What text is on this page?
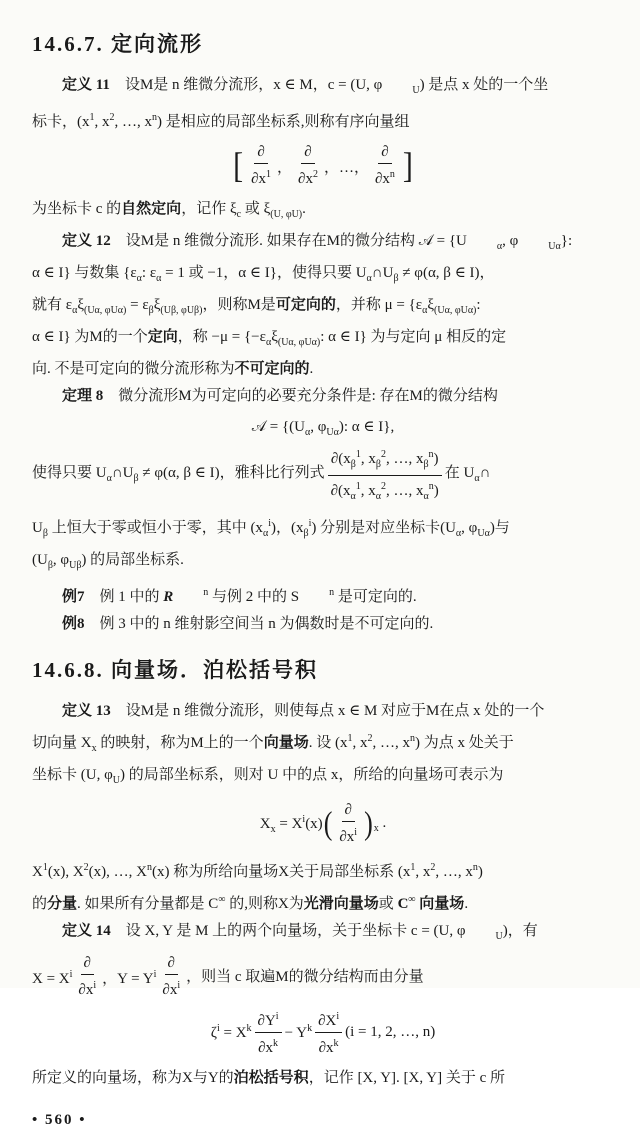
14.6.7. 定向流形
定义 11　设M是 n 维微分流形，x ∈ M，c = (U, φ	U) 是点 x 处的一个坐
标卡，(x1, x2, …, xn) 是相应的局部坐标系,则称有序向量组
[ $\frac{\partial}{\partial x1}$ ， $\frac{\partial}{\partial x2}$ ，…， $\frac{\partial}{\partial xn}$ ]
为坐标卡 c 的自然定向，记作 ξc 或 ξ(U, φU).
定义 12　设M是 n 维微分流形. 如果存在M的微分结构 𝒜 = {U	α, φ	Uα}:
α ∈ I} 与数集 {εα: εα = 1 或 −1，α ∈ I}，使得只要 Uα∩Uβ ≠ φ(α, β ∈ I)，
就有 εαξ(Uα, φUα) = εβξ(Uβ, φUβ)，则称M是可定向的，并称 μ = {εαξ(Uα, φUα):
α ∈ I} 为M的一个定向，称 −μ = {−εαξ(Uα, φUα): α ∈ I} 为与定向 μ 相反的定
向. 不是可定向的微分流形称为不可定向的.
定理 8　微分流形M为可定向的必要充分条件是: 存在M的微分结构
𝒜 = {(Uα, φUα): α ∈ I},
使得只要 Uα∩Uβ ≠ φ(α, β ∈ I)，雅科比行列式 $\frac{\text{∂(xβ1, xβ2, …, xβn)}}{\text{∂(xα1, xα2, …, xαn)}}$ 在 Uα∩
Uβ 上恒大于零或恒小于零，其中 (xαi)，(xβi) 分别是对应坐标卡(Uα, φUα)与
(Uβ, φUβ) 的局部坐标系.
例7　例 1 中的 R	n 与例 2 中的 S	n 是可定向的.
例8　例 3 中的 n 维射影空间当 n 为偶数时是不可定向的.
14.6.8. 向量场．泊松括号积
定义 13　设M是 n 维微分流形，则使每点 x ∈ M 对应于M在点 x 处的一个
切向量 Xx 的映射，称为M上的一个向量场. 设 (x1, x2, …, xn) 为点 x 处关于
坐标卡 (U, φU) 的局部坐标系，则对 U 中的点 x，所给的向量场可表示为
Xx = Xi(x) ( $\frac{\partial}{\partial xi}$ ) x .
X1(x), X2(x), …, Xn(x) 称为所给向量场X关于局部坐标系 (x1, x2, …, xn)
的分量. 如果所有分量都是 C∞ 的,则称X为光滑向量场或 C∞ 向量场.
定义 14　设 X, Y 是 M 上的两个向量场，关于坐标卡 c = (U, φ	U)，有
X = Xi $\frac{\partial}{\partial xi}$ ，Y = Yi $\frac{\partial}{\partial xi}$ ，则当 c 取遍M的微分结构而由分量
ζi = Xk $\frac{\partial Yi}{\partial xk} - Yk \frac{\partial Xi}{\partial xk} (i = 1$, 2, …, n)
所定义的向量场，称为X与Y的泊松括号积，记作 [X, Y]. [X, Y] 关于 c 所
• 560 •
